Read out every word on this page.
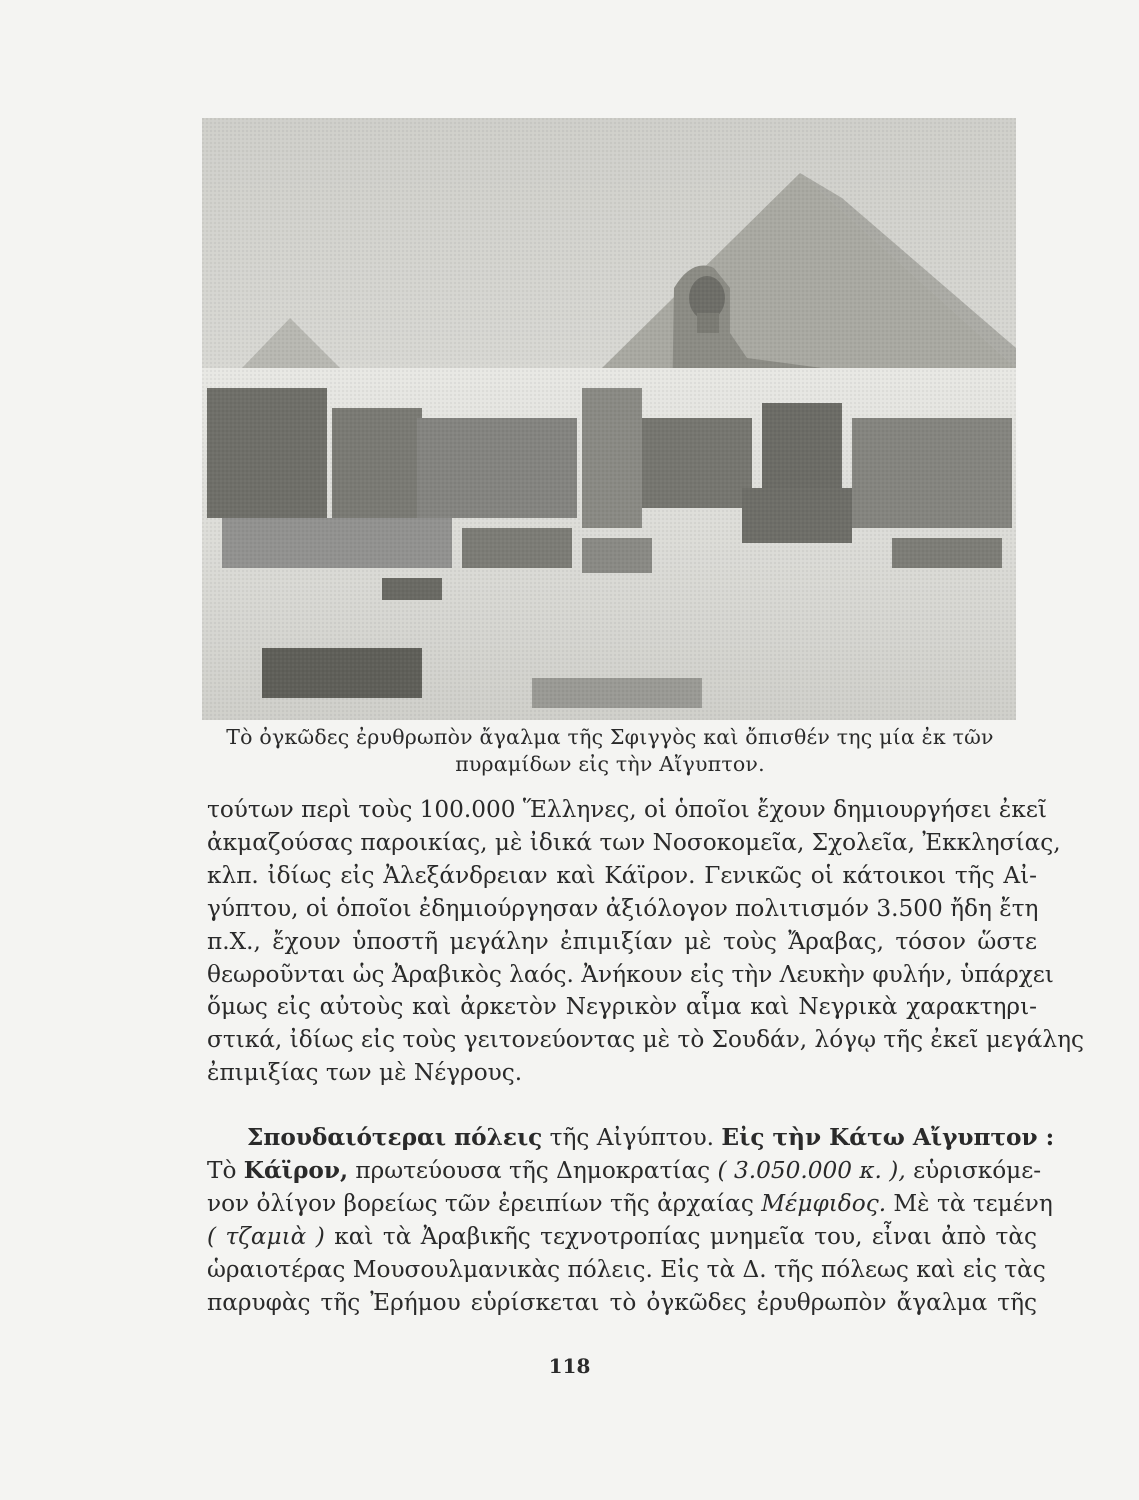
Τὸ ὀγκῶδες ἐρυθρωπὸν ἄγαλμα τῆς Σφιγγὸς καὶ ὄπισθέν της μία ἐκ τῶν
πυραμίδων εἰς τὴν Αἴγυπτον.
τούτων περὶ τοὺς 100.000 Ἕλληνες, οἱ ὁποῖοι ἔχουν δημιουργήσει ἐκεῖ
ἀκμαζούσας παροικίας, μὲ ἰδικά των Νοσοκομεῖα, Σχολεῖα, Ἐκκλησίας,
κλπ. ἰδίως εἰς Ἀλεξάνδρειαν καὶ Κάϊρον. Γενικῶς οἱ κάτοικοι τῆς Αἰ-
γύπτου, οἱ ὁποῖοι ἐδημιούργησαν ἀξιόλογον πολιτισμόν 3.500 ἤδη ἔτη
π.Χ., ἔχουν ὑποστῆ μεγάλην ἐπιμιξίαν μὲ τοὺς Ἄραβας, τόσον ὥστε
θεωροῦνται ὡς Ἀραβικὸς λαός. Ἀνήκουν εἰς τὴν Λευκὴν φυλήν, ὑπάρχει
ὅμως εἰς αὐτοὺς καὶ ἀρκετὸν Νεγρικὸν αἷμα καὶ Νεγρικὰ χαρακτηρι-
στικά, ἰδίως εἰς τοὺς γειτονεύοντας μὲ τὸ Σουδάν, λόγῳ τῆς ἐκεῖ μεγάλης
ἐπιμιξίας των μὲ Νέγρους.
Σπουδαιότεραι πόλεις τῆς Αἰγύπτου. Εἰς τὴν Κάτω Αἴγυπτον :
Τὸ Κάϊρον, πρωτεύουσα τῆς Δημοκρατίας ( 3.050.000 κ. ), εὑρισκόμε-
νον ὀλίγον βορείως τῶν ἐρειπίων τῆς ἀρχαίας Μέμφιδος. Μὲ τὰ τεμένη
( τζαμιὰ ) καὶ τὰ Ἀραβικῆς τεχνοτροπίας μνημεῖα του, εἶναι ἀπὸ τὰς
ὡραιοτέρας Μουσουλμανικὰς πόλεις. Εἰς τὰ Δ. τῆς πόλεως καὶ εἰς τὰς
παρυφὰς τῆς Ἐρήμου εὑρίσκεται τὸ ὀγκῶδες ἐρυθρωπὸν ἄγαλμα τῆς
118
